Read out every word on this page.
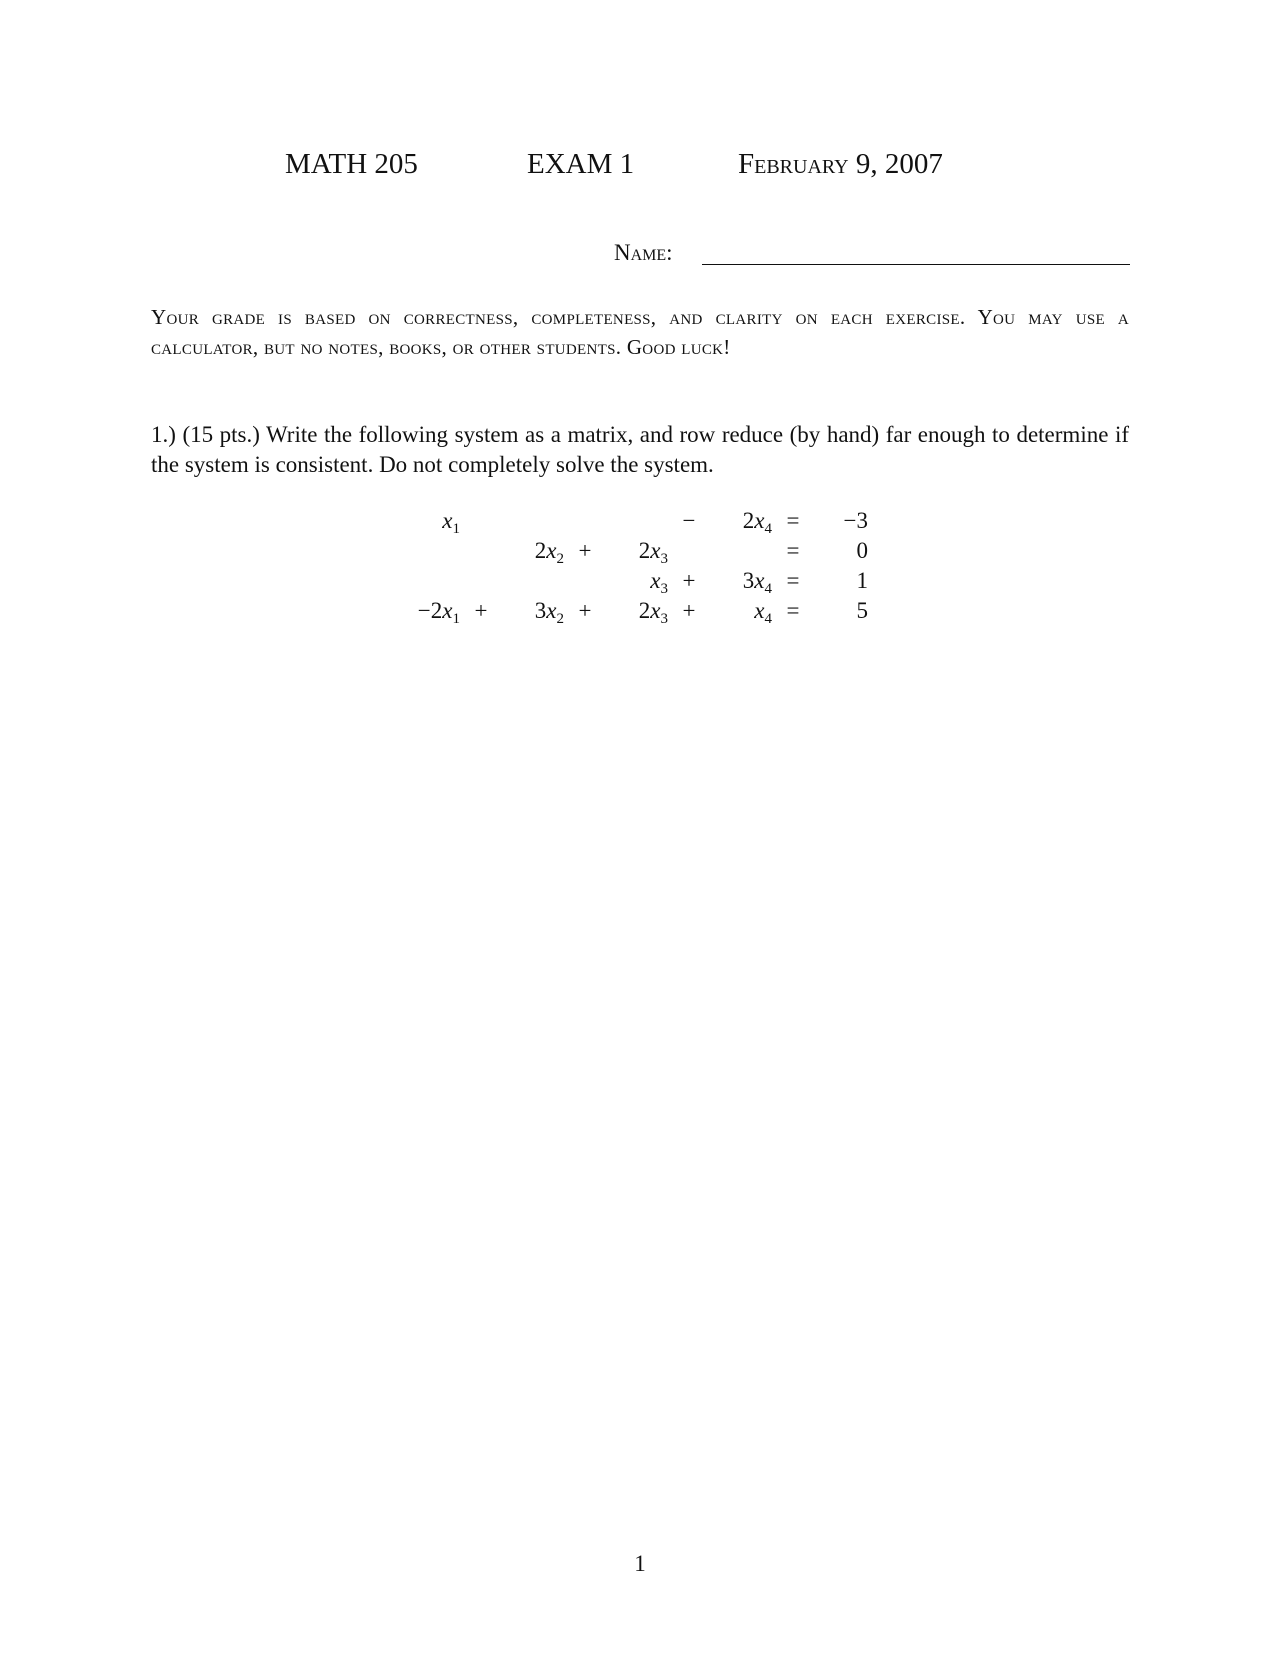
MATH 205	EXAM 1	February 9, 2007
Name:
Your grade is based on correctness, completeness, and clarity on each exercise. You may use a calculator, but no notes, books, or other students. Good luck!
1.) (15 pts.) Write the following system as a matrix, and row reduce (by hand) far enough to determine if the system is consistent. Do not completely solve the system.
$x_1$					−	$2x_4$	=	−3
		$2x_2$	+	$2x_3$			=	0
				$x_3$	+	$3x_4$	=	1
$-2x_1$	+	$3x_2$	+	$2x_3$	+	$x_4$	=	5
1
